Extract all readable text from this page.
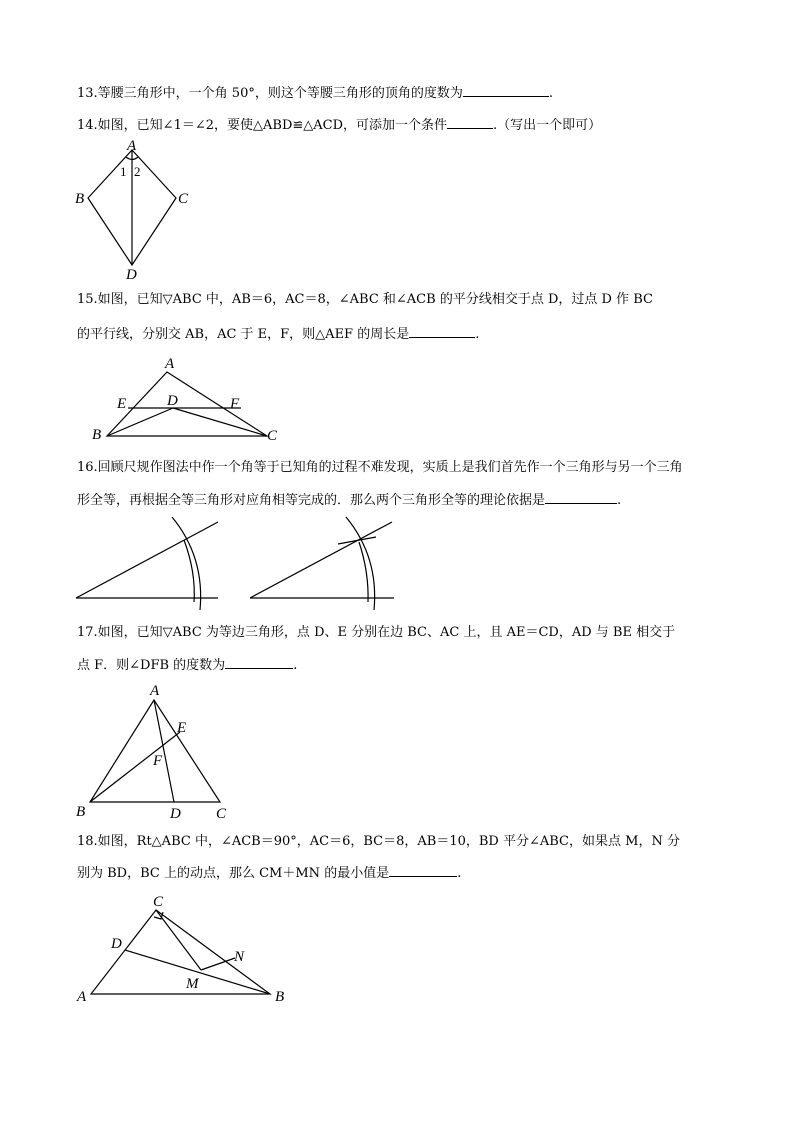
13.等腰三角形中，一个角 50°，则这个等腰三角形的顶角的度数为	.
14.如图，已知∠1＝∠2，要使△ABD≌△ACD，可添加一个条件	.（写出一个即可）
A
B	C
D
1 2
15.如图，已知▽ABC 中，AB＝6，AC＝8，∠ABC 和∠ACB 的平分线相交于点 D，过点 D 作 BC
的平行线，分别交 AB，AC 于 E，F，则△AEF 的周长是	.
A
B	C
D
E	F
16.回顾尺规作图法中作一个角等于已知角的过程不难发现，实质上是我们首先作一个三角形与另一个三角
形全等，再根据全等三角形对应角相等完成的．那么两个三角形全等的理论依据是	.
17.如图，已知▽ABC 为等边三角形，点 D、E 分别在边 BC、AC 上，且 AE＝CD，AD 与 BE 相交于
点 F．则∠DFB 的度数为	.
A
B	C
D
E
F
18.如图，Rt△ABC 中，∠ACB＝90°，AC＝6，BC＝8，AB＝10，BD 平分∠ABC，如果点 M，N 分
别为 BD，BC 上的动点，那么 CM＋MN 的最小值是	.
C
D
A	B
M
N
